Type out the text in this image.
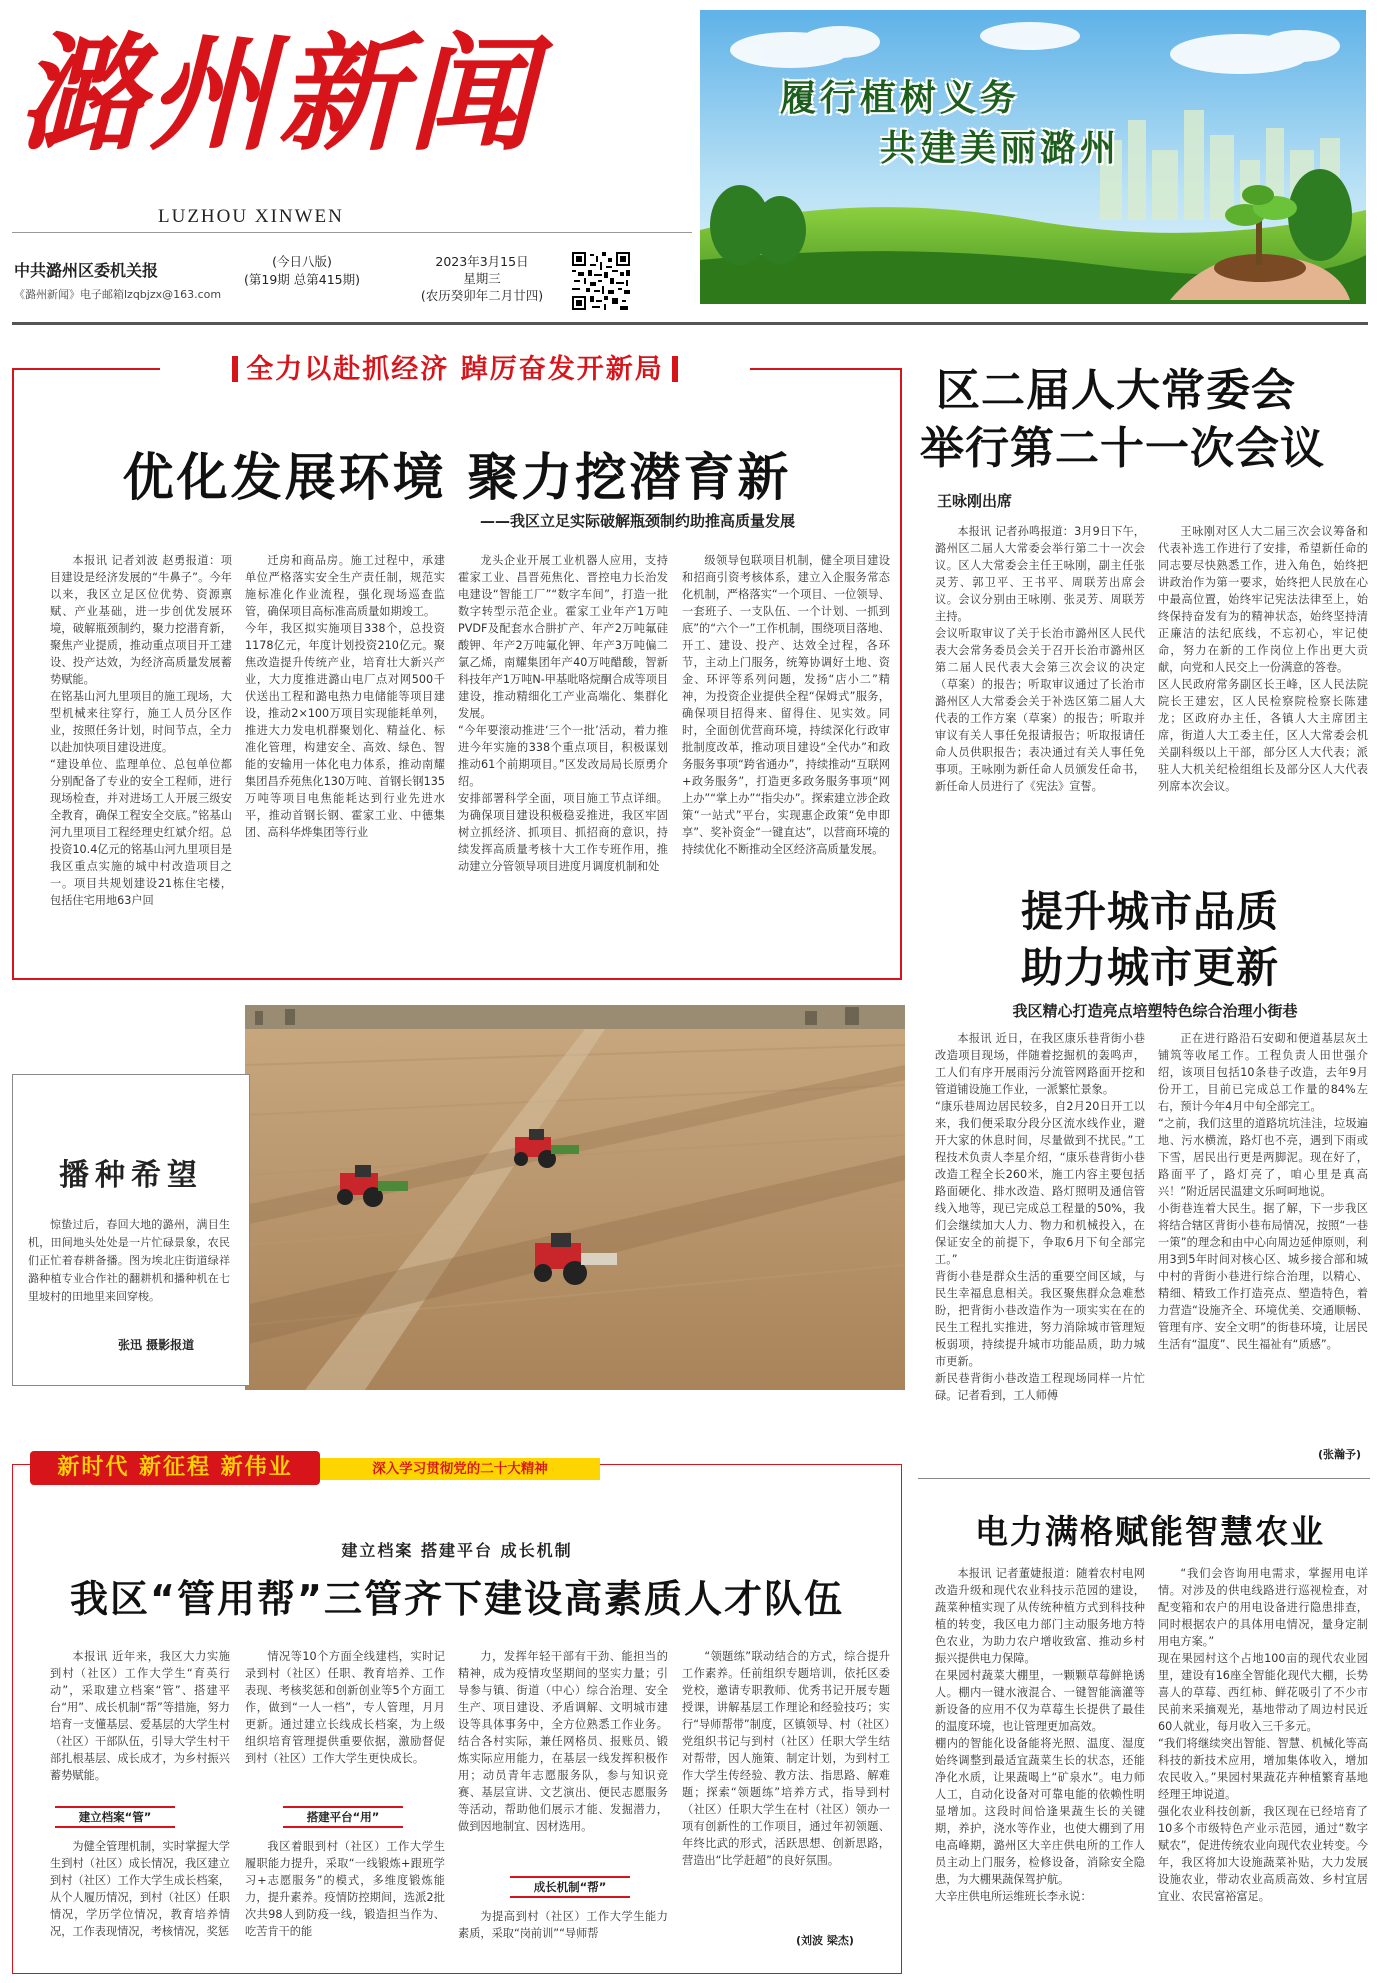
潞州新闻
LUZHOU XINWEN
中共潞州区委机关报
《潞州新闻》电子邮箱lzqbjzx@163.com
(今日八版)
(第19期 总第415期)
2023年3月15日
星期三
(农历癸卯年二月廿四)
履行植树义务
共建美丽潞州
全力以赴抓经济 踔厉奋发开新局
优化发展环境 聚力挖潜育新
——我区立足实际破解瓶颈制约助推高质量发展
本报讯 记者刘波 赵勇报道：项目建设是经济发展的“牛鼻子”。今年以来，我区立足区位优势、资源禀赋、产业基础，进一步创优发展环境，破解瓶颈制约，聚力挖潜育新，聚焦产业提质，推动重点项目开工建设、投产达效，为经济高质量发展蓄势赋能。
在铭基山河九里项目的施工现场，大型机械来往穿行，施工人员分区作业，按照任务计划，时间节点，全力以赴加快项目建设进度。
“建设单位、监理单位、总包单位都分别配备了专业的安全工程师，进行现场检查，并对进场工人开展三级安全教育，确保工程安全交底。”铭基山河九里项目工程经理史红斌介绍。总投资10.4亿元的铭基山河九里项目是我区重点实施的城中村改造项目之一。项目共规划建设21栋住宅楼，包括住宅用地63户回
迁房和商品房。施工过程中，承建单位严格落实安全生产责任制，规范实施标准化作业流程，强化现场巡查监管，确保项目高标准高质量如期竣工。
今年，我区拟实施项目338个，总投资1178亿元，年度计划投资210亿元。聚焦改造提升传统产业，培育壮大新兴产业，大力度推进潞山电厂点对网500千伏送出工程和潞电热力电储能等项目建设，推动2×100万项目实现能耗单列，推进大力发电机群聚划化、精益化、标准化管理，构建安全、高效、绿色、智能的安输用一体化电力体系，推动南耀集团昌乔苑焦化130万吨、首钢长钢135万吨等项目电焦能耗达到行业先进水平，推动首钢长钢、霍家工业、中德集团、高科华烨集团等行业
龙头企业开展工业机器人应用，支持霍家工业、昌晋苑焦化、晋控电力长治发电建设“智能工厂”“数字车间”，打造一批数字转型示范企业。霍家工业年产1万吨PVDF及配套水合肼扩产、年产2万吨氟硅酸钾、年产2万吨氟化钾、年产3万吨偏二氯乙烯，南耀集团年产40万吨醋酸，智新科技年产1万吨N-甲基吡咯烷酮合成等项目建设，推动精细化工产业高端化、集群化发展。
“今年要滚动推进‘三个一批’活动，着力推进今年实施的338个重点项目，积极谋划推动61个前期项目。”区发改局局长原勇介绍。
安排部署科学全面，项目施工节点详细。为确保项目建设积极稳妥推进，我区牢固树立抓经济、抓项目、抓招商的意识，持续发挥高质量考核十大工作专班作用，推动建立分管领导项目进度月调度机制和处
级领导包联项目机制，健全项目建设和招商引资考核体系，建立入企服务常态化机制，严格落实“一个项目、一位领导、一套班子、一支队伍、一个计划、一抓到底”的“六个一”工作机制，围绕项目落地、开工、建设、投产、达效全过程，各环节，主动上门服务，统筹协调好土地、资金、环评等系列问题，发扬“店小二”精神，为投资企业提供全程“保姆式”服务，确保项目招得来、留得住、见实效。同时，全面创优营商环境，持续深化行政审批制度改革，推动项目建设“全代办”和政务服务事项“跨省通办”，持续推动“互联网+政务服务”，打造更多政务服务事项“网上办”“掌上办”“指尖办”。探索建立涉企政策“一站式”平台，实现惠企政策“免申即享”、奖补资金“一键直达”，以营商环境的持续优化不断推动全区经济高质量发展。
区二届人大常委会
举行第二十一次会议
王咏刚出席
本报讯 记者孙鸣报道：3月9日下午，潞州区二届人大常委会举行第二十一次会议。区人大常委会主任王咏刚，副主任张灵芳、郭卫平、王书平、周联芳出席会议。会议分别由王咏刚、张灵芳、周联芳主持。
会议听取审议了关于长治市潞州区人民代表大会常务委员会关于召开长治市潞州区第二届人民代表大会第三次会议的决定（草案）的报告；听取审议通过了长治市潞州区人大常委会关于补选区第二届人大代表的工作方案（草案）的报告；听取并审议有关人事任免报请报告；听取报请任命人员供职报告；表决通过有关人事任免事项。王咏刚为新任命人员颁发任命书，新任命人员进行了《宪法》宣誓。
王咏刚对区人大二届三次会议筹备和代表补选工作进行了安排，希望新任命的同志要尽快熟悉工作，进入角色，始终把讲政治作为第一要求，始终把人民放在心中最高位置，始终牢记宪法法律至上，始终保持奋发有为的精神状态，始终坚持清正廉洁的法纪底线，不忘初心，牢记使命，努力在新的工作岗位上作出更大贡献，向党和人民交上一份满意的答卷。
区人民政府常务副区长王峰，区人民法院院长王建宏，区人民检察院检察长陈建龙；区政府办主任，各镇人大主席团主席，街道人大工委主任，区人大常委会机关副科级以上干部，部分区人大代表；派驻人大机关纪检组组长及部分区人大代表列席本次会议。
提升城市品质
助力城市更新
我区精心打造亮点培塑特色综合治理小街巷
本报讯 近日，在我区康乐巷背街小巷改造项目现场，伴随着挖掘机的轰鸣声，工人们有序开展雨污分流管网路面开挖和管道铺设施工作业，一派繁忙景象。
“康乐巷周边居民较多，自2月20日开工以来，我们便采取分段分区流水线作业，避开大家的休息时间，尽量做到不扰民。”工程技术负责人李星介绍，“康乐巷背街小巷改造工程全长260米，施工内容主要包括路面硬化、排水改造、路灯照明及通信管线入地等，现已完成总工程量的50%，我们会继续加大人力、物力和机械投入，在保证安全的前提下，争取6月下旬全部完工。”
背街小巷是群众生活的重要空间区域，与民生幸福息息相关。我区聚焦群众急难愁盼，把背街小巷改造作为一项实实在在的民生工程扎实推进，努力消除城市管理短板弱项，持续提升城市功能品质，助力城市更新。
新民巷背街小巷改造工程现场同样一片忙碌。记者看到，工人师傅
正在进行路沿石安砌和便道基层灰土铺筑等收尾工作。工程负责人田世强介绍，该项目包括10条巷子改造，去年9月份开工，目前已完成总工作量的84%左右，预计今年4月中旬全部完工。
“之前，我们这里的道路坑坑洼洼，垃圾遍地、污水横流，路灯也不亮，遇到下雨或下雪，居民出行更是两脚泥。现在好了，路面平了，路灯亮了，咱心里是真高兴！”附近居民温建文乐呵呵地说。
小街巷连着大民生。据了解，下一步我区将结合辖区背街小巷布局情况，按照“一巷一策”的理念和由中心向周边延伸原则，利用3到5年时间对核心区、城乡接合部和城中村的背街小巷进行综合治理，以精心、精细、精致工作打造亮点、塑造特色，着力营造“设施齐全、环境优美、交通顺畅、管理有序、安全文明”的街巷环境，让居民生活有“温度”、民生福祉有“质感”。
(张瀚予)
播种希望
惊蛰过后，春回大地的潞州，满目生机，田间地头处处是一片忙碌景象，农民们正忙着春耕备播。图为埃北庄街道绿祥潞种植专业合作社的翻耕机和播种机在七里坡村的田地里来回穿梭。
张迅 摄影报道
新时代 新征程 新伟业	深入学习贯彻党的二十大精神
建立档案 搭建平台 成长机制
我区“管用帮”三管齐下建设高素质人才队伍
本报讯 近年来，我区大力实施到村（社区）工作大学生“育英行动”，采取建立档案“管”、搭建平台“用”、成长机制“帮”等措施，努力培育一支懂基层、爱基层的大学生村（社区）干部队伍，引导大学生村干部扎根基层、成长成才，为乡村振兴蓄势赋能。
建立档案“管”
为健全管理机制，实时掌握大学生到村（社区）成长情况，我区建立到村（社区）工作大学生成长档案，从个人履历情况，到村（社区）任职情况，学历学位情况，教育培养情况，工作表现情况，考核情况，奖惩
情况等10个方面全线建档，实时记录到村（社区）任职、教育培养、工作表现、考核奖惩和创新创业等5个方面工作，做到“一人一档”，专人管理，月月更新。通过建立长线成长档案，为上级组织培育管理提供重要依据，激励督促到村（社区）工作大学生更快成长。
搭建平台“用”
我区着眼到村（社区）工作大学生履职能力提升，采取“一线锻炼+跟班学习+志愿服务”的模式，多维度锻炼能力，提升素养。疫情防控期间，选派2批次共98人到防疫一线，锻造担当作为、吃苦肯干的能
力，发挥年轻干部有干劲、能担当的精神，成为疫情攻坚期间的坚实力量；引导参与镇、街道（中心）综合治理、安全生产、项目建设、矛盾调解、文明城市建设等具体事务中，全方位熟悉工作业务。结合各村实际，兼任网格员、报账员、锻炼实际应用能力，在基层一线发挥积极作用；动员青年志愿服务队，参与知识竞赛、基层宣讲、文艺演出、便民志愿服务等活动，帮助他们展示才能、发掘潜力，做到因地制宜、因材选用。
成长机制“帮”
为提高到村（社区）工作大学生能力素质，采取“岗前训”“导师帮
“领题练”联动结合的方式，综合提升工作素养。任前组织专题培训，依托区委党校，邀请专职教师、优秀书记开展专题授课，讲解基层工作理论和经验技巧；实行“导师帮带”制度，区镇领导、村（社区）党组织书记与到村（社区）任职大学生结对帮带，因人施策、制定计划，为到村工作大学生传经验、教方法、指思路、解难题；探索“领题练”培养方式，指导到村（社区）任职大学生在村（社区）领办一项有创新性的工作项目，通过年初领题、年终比武的形式，活跃思想、创新思路，营造出“比学赶超”的良好氛围。
(刘波 梁杰)
电力满格赋能智慧农业
本报讯 记者董婕报道：随着农村电网改造升级和现代农业科技示范园的建设，蔬菜种植实现了从传统种植方式到科技种植的转变，我区电力部门主动服务地方特色农业，为助力农户增收致富、推动乡村振兴提供电力保障。
在果园村蔬菜大棚里，一颗颗草莓鲜艳诱人。棚内一键水液混合、一键智能滴灌等新设备的应用不仅为草莓生长提供了最佳的温度环境，也让管理更加高效。
棚内的智能化设备能将光照、温度、湿度始终调整到最适宜蔬菜生长的状态，还能净化水质，让果蔬喝上“矿泉水”。电力师人工，自动化设备对可靠电能的依赖性明显增加。这段时间恰逢果蔬生长的关键期，养护，浇水等作业，也使大棚到了用电高峰期，潞州区大辛庄供电所的工作人员主动上门服务，检修设备，消除安全隐患，为大棚果蔬保驾护航。
大辛庄供电所运维班长李永说：
“我们会咨询用电需求，掌握用电详情。对涉及的供电线路进行巡视检查，对配变箱和农户的用电设备进行隐患排查，同时根据农户的具体用电情况，量身定制用电方案。”
现在果园村这个占地100亩的现代农业园里，建设有16座全智能化现代大棚，长势喜人的草莓、西红柿、鲜花吸引了不少市民前来采摘观光，基地带动了周边村民近60人就业，每月收入三千多元。
“我们将继续突出智能、智慧、机械化等高科技的新技术应用，增加集体收入，增加农民收入。”果园村果蔬花卉种植繁育基地经理王坤说道。
强化农业科技创新，我区现在已经培育了10多个市级特色产业示范园，通过“数字赋农”，促进传统农业向现代农业转变。今年，我区将加大设施蔬菜补贴，大力发展设施农业，带动农业高质高效、乡村宜居宜业、农民富裕富足。
